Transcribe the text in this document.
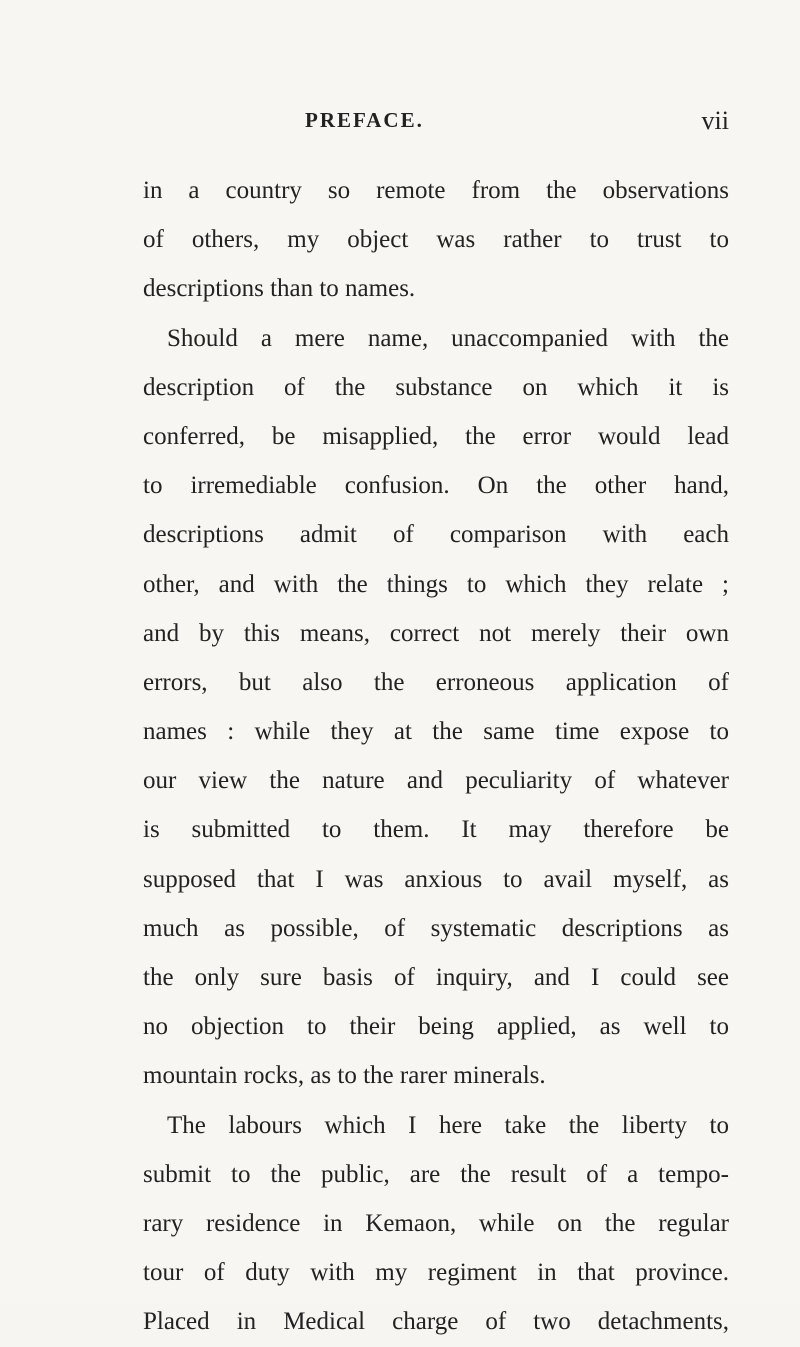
PREFACE.	vii
in a country so remote from the observations
of others, my object was rather to trust to
descriptions than to names.
Should a mere name, unaccompanied with the
description of the substance on which it is
conferred, be misapplied, the error would lead
to irremediable confusion. On the other hand,
descriptions admit of comparison with each
other, and with the things to which they relate ;
and by this means, correct not merely their own
errors, but also the erroneous application of
names : while they at the same time expose to
our view the nature and peculiarity of whatever
is submitted to them. It may therefore be
supposed that I was anxious to avail myself, as
much as possible, of systematic descriptions as
the only sure basis of inquiry, and I could see
no objection to their being applied, as well to
mountain rocks, as to the rarer minerals.
The labours which I here take the liberty to
submit to the public, are the result of a tempo-
rary residence in Kemaon, while on the regular
tour of duty with my regiment in that province.
Placed in Medical charge of two detachments,
